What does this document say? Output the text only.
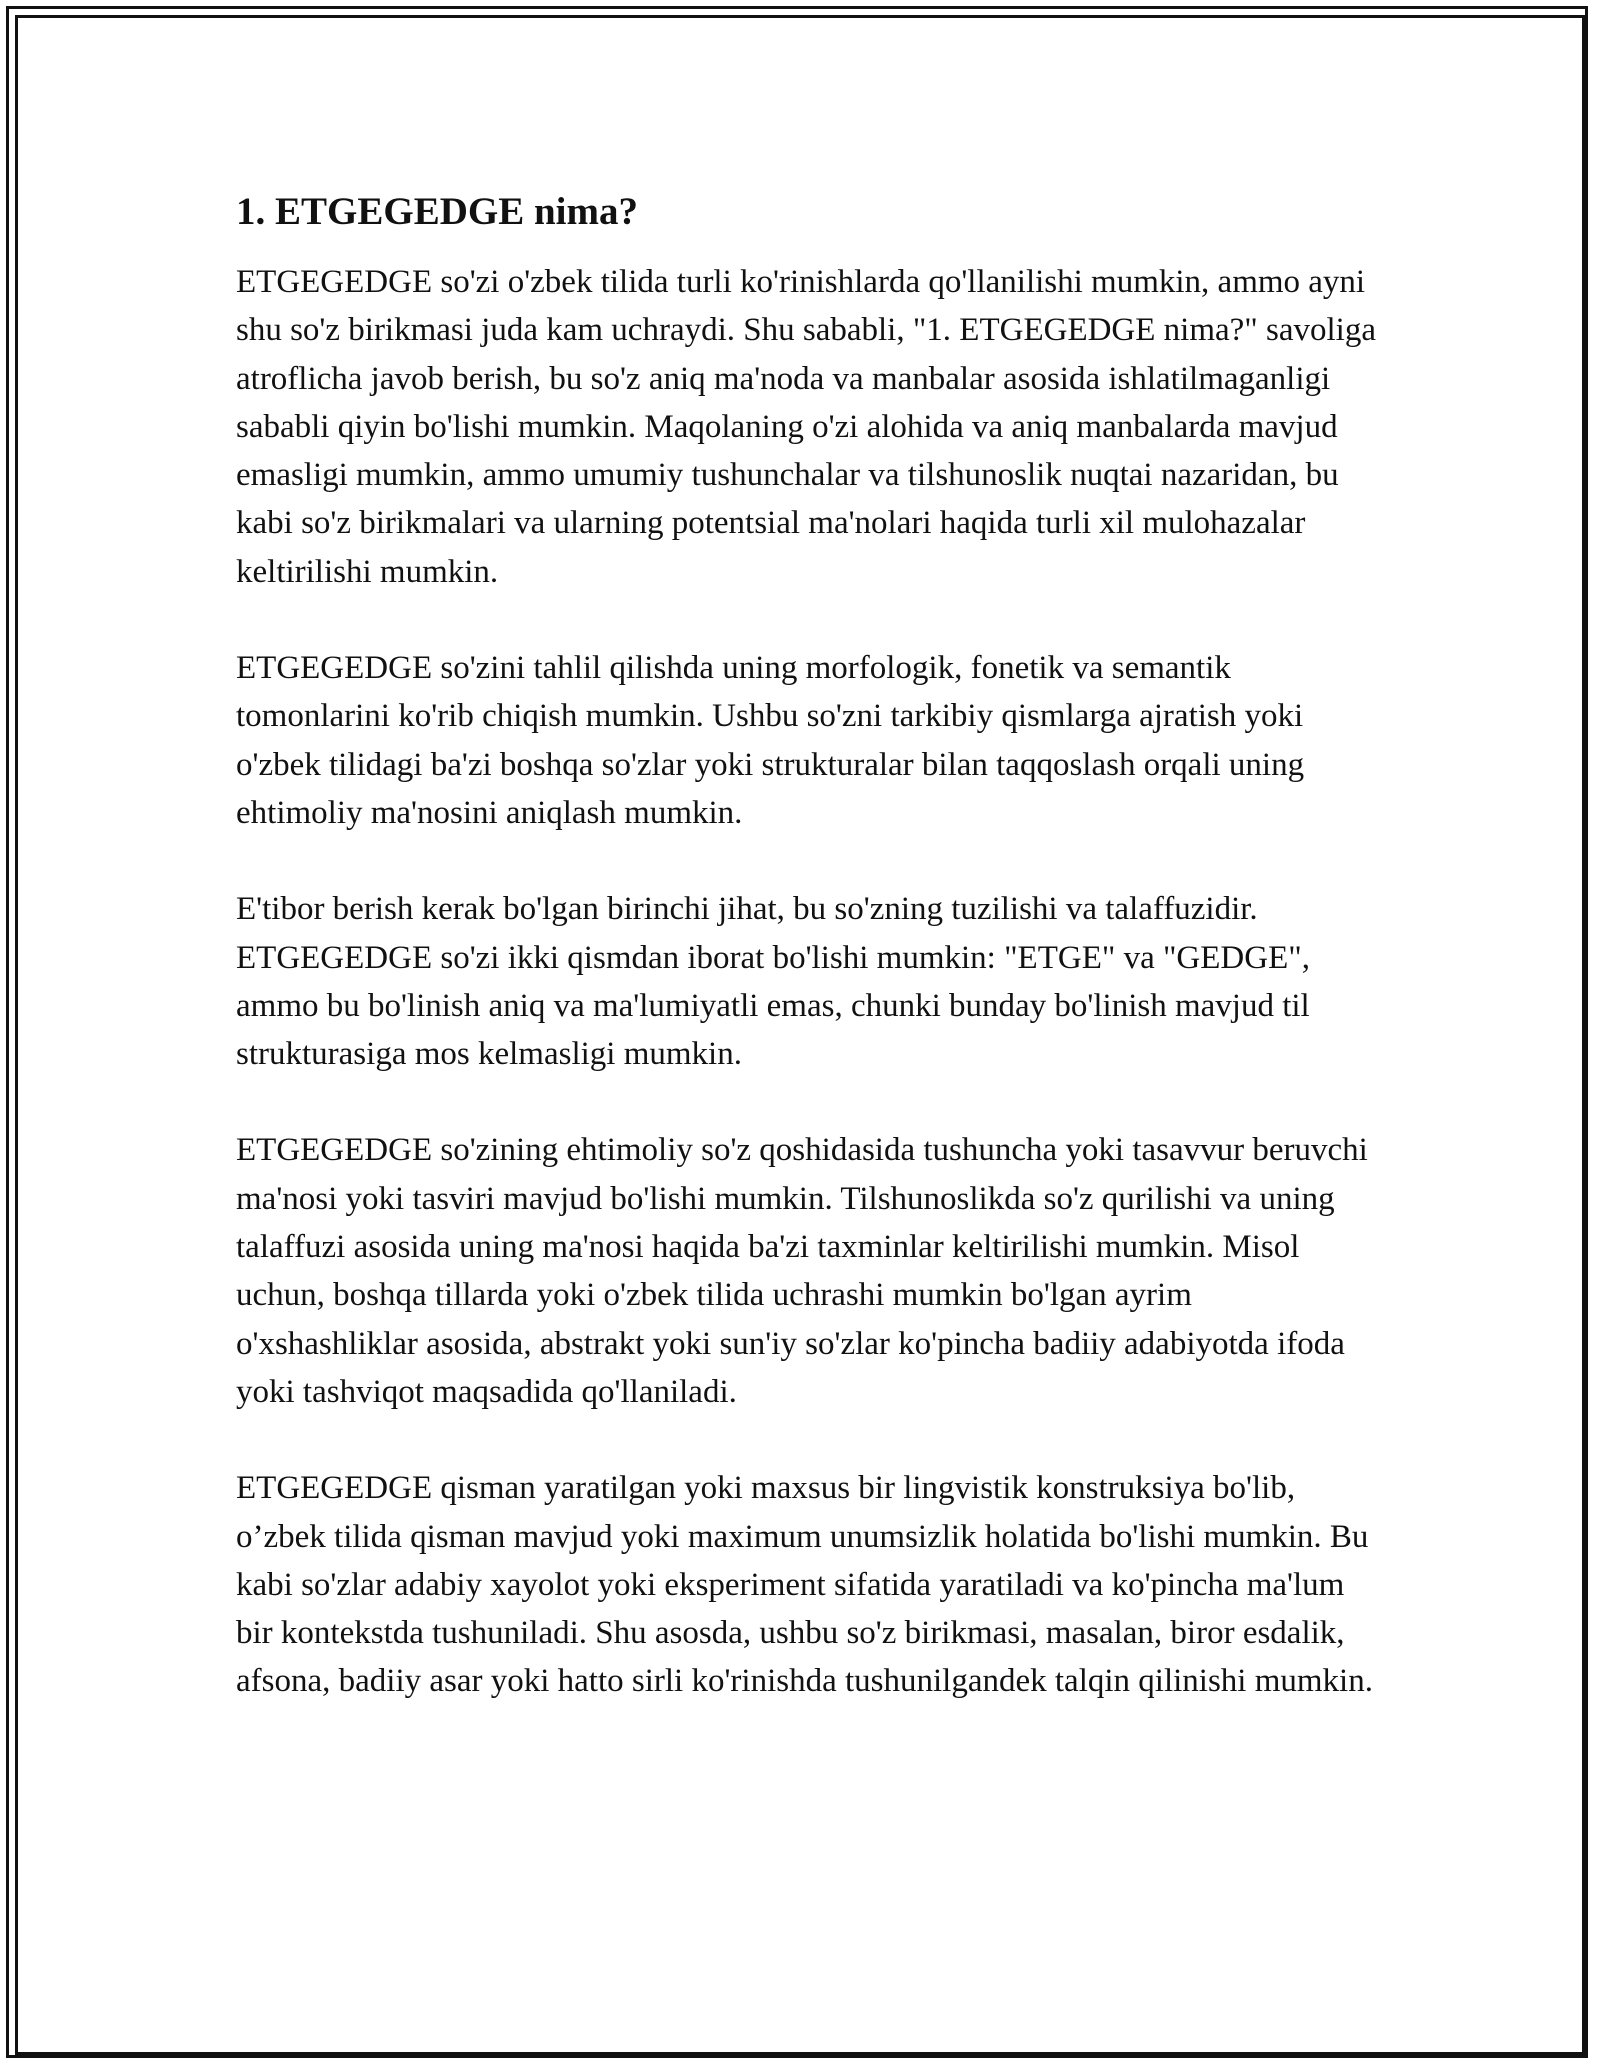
1. ETGEGEDGE nima?

ETGEGEDGE so'zi o'zbek tilida turli ko'rinishlarda qo'llanilishi mumkin, ammo ayni shu so'z birikmasi juda kam uchraydi. Shu sababli, "1. ETGEGEDGE nima?" savoliga atroflicha javob berish, bu so'z aniq ma'noda va manbalar asosida ishlatilmaganligi sababli qiyin bo'lishi mumkin. Maqolaning o'zi alohida va aniq manbalarda mavjud emasligi mumkin, ammo umumiy tushunchalar va tilshunoslik nuqtai nazaridan, bu kabi so'z birikmalari va ularning potentsial ma'nolari haqida turli xil mulohazalar keltirilishi mumkin.

ETGEGEDGE so'zini tahlil qilishda uning morfologik, fonetik va semantik tomonlarini ko'rib chiqish mumkin. Ushbu so'zni tarkibiy qismlarga ajratish yoki o'zbek tilidagi ba'zi boshqa so'zlar yoki strukturalar bilan taqqoslash orqali uning ehtimoliy ma'nosini aniqlash mumkin.

E'tibor berish kerak bo'lgan birinchi jihat, bu so'zning tuzilishi va talaffuzidir. ETGEGEDGE so'zi ikki qismdan iborat bo'lishi mumkin: "ETGE" va "GEDGE", ammo bu bo'linish aniq va ma'lumiyatli emas, chunki bunday bo'linish mavjud til strukturasiga mos kelmasligi mumkin.

ETGEGEDGE so'zining ehtimoliy so'z qoshidasida tushuncha yoki tasavvur beruvchi ma'nosi yoki tasviri mavjud bo'lishi mumkin. Tilshunoslikda so'z qurilishi va uning talaffuzi asosida uning ma'nosi haqida ba'zi taxminlar keltirilishi mumkin. Misol uchun, boshqa tillarda yoki o'zbek tilida uchrashi mumkin bo'lgan ayrim o'xshashliklar asosida, abstrakt yoki sun'iy so'zlar ko'pincha badiiy adabiyotda ifoda yoki tashviqot maqsadida qo'llaniladi.

ETGEGEDGE qisman yaratilgan yoki maxsus bir lingvistik konstruksiya bo'lib, o’zbek tilida qisman mavjud yoki maximum unumsizlik holatida bo'lishi mumkin. Bu kabi so'zlar adabiy xayolot yoki eksperiment sifatida yaratiladi va ko'pincha ma'lum bir kontekstda tushuniladi. Shu asosda, ushbu so'z birikmasi, masalan, biror esdalik, afsona, badiiy asar yoki hatto sirli ko'rinishda tushunilgandek talqin qilinishi mumkin.
